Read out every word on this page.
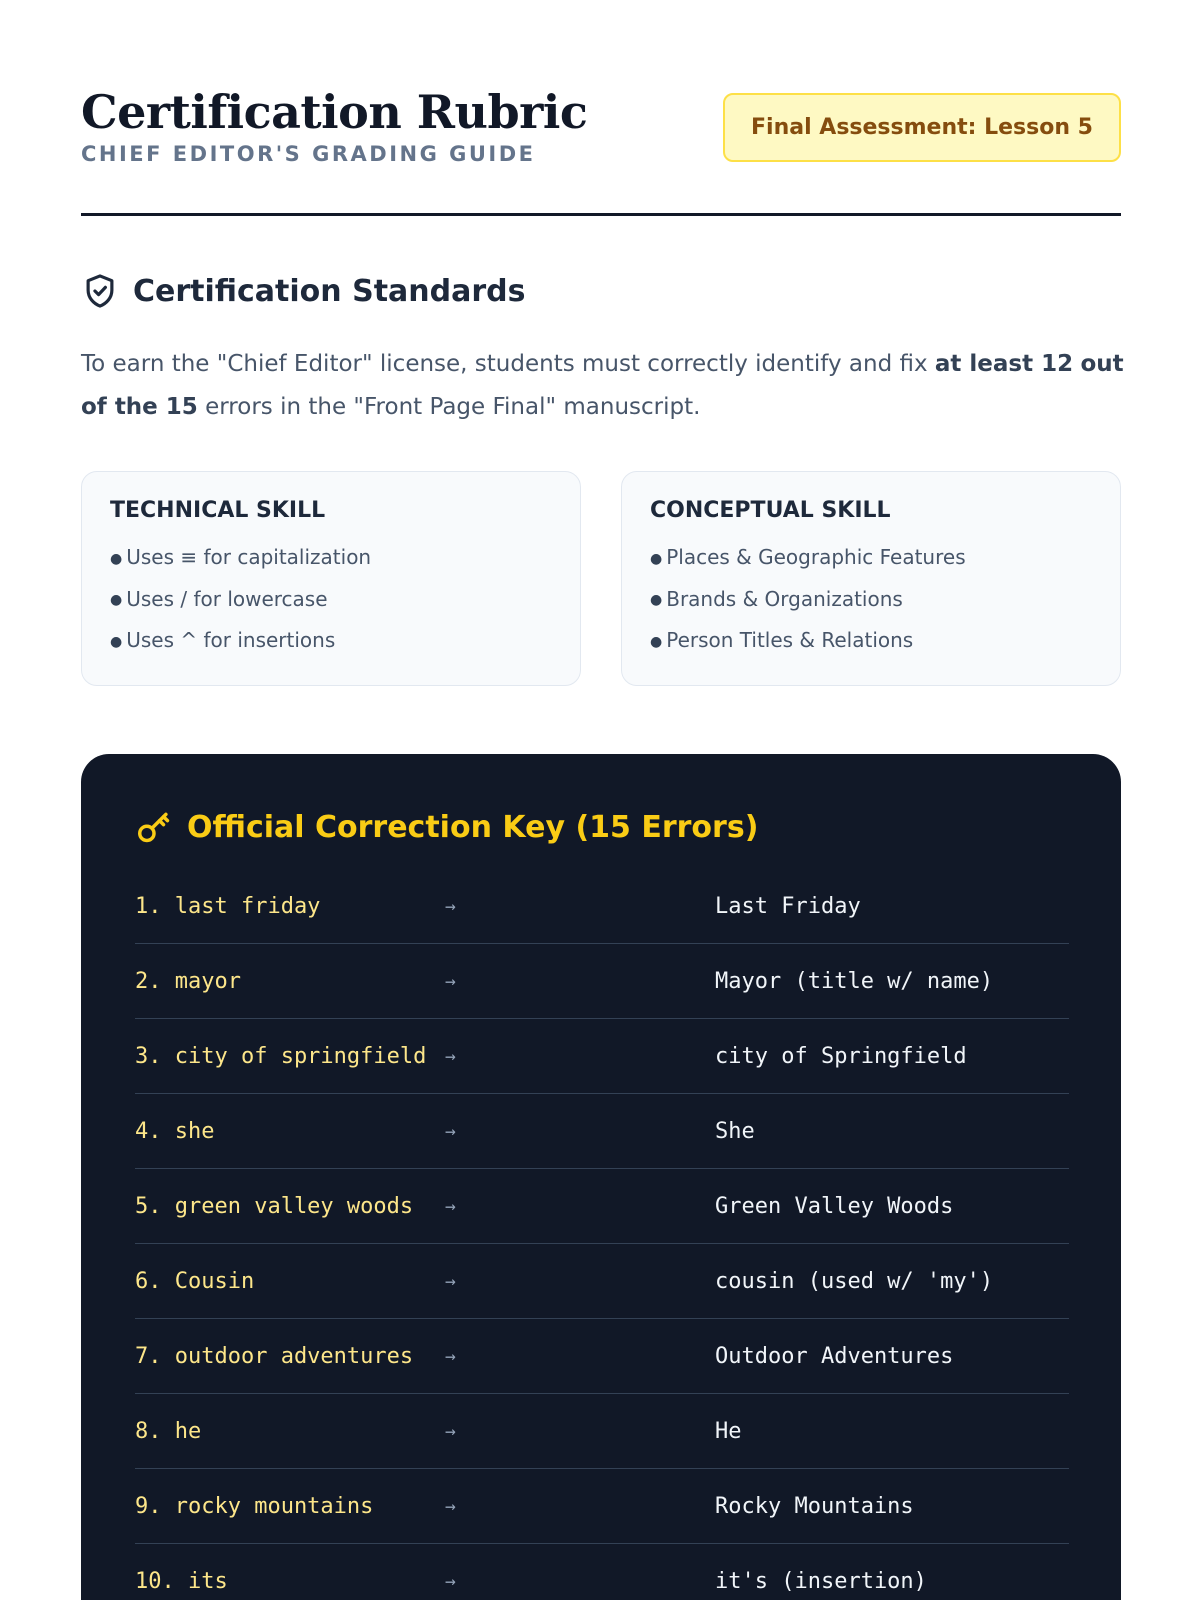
Certification Rubric
CHIEF EDITOR'S GRADING GUIDE
Final Assessment: Lesson 5
Certification Standards

To earn the "Chief Editor" license, students must correctly identify and fix at least 12 out of the 15 errors in the "Front Page Final" manuscript.

TECHNICAL SKILL
● Uses ≡ for capitalization
● Uses / for lowercase
● Uses ^ for insertions
CONCEPTUAL SKILL
● Places & Geographic Features
● Brands & Organizations
● Person Titles & Relations
Official Correction Key (15 Errors)
1. last friday	→	Last Friday
2. mayor	→	Mayor (title w/ name)
3. city of springfield	→	city of Springfield
4. she	→	She
5. green valley woods	→	Green Valley Woods
6. Cousin	→	cousin (used w/ 'my')
7. outdoor adventures	→	Outdoor Adventures
8. he	→	He
9. rocky mountains	→	Rocky Mountains
10. its	→	it's (insertion)
